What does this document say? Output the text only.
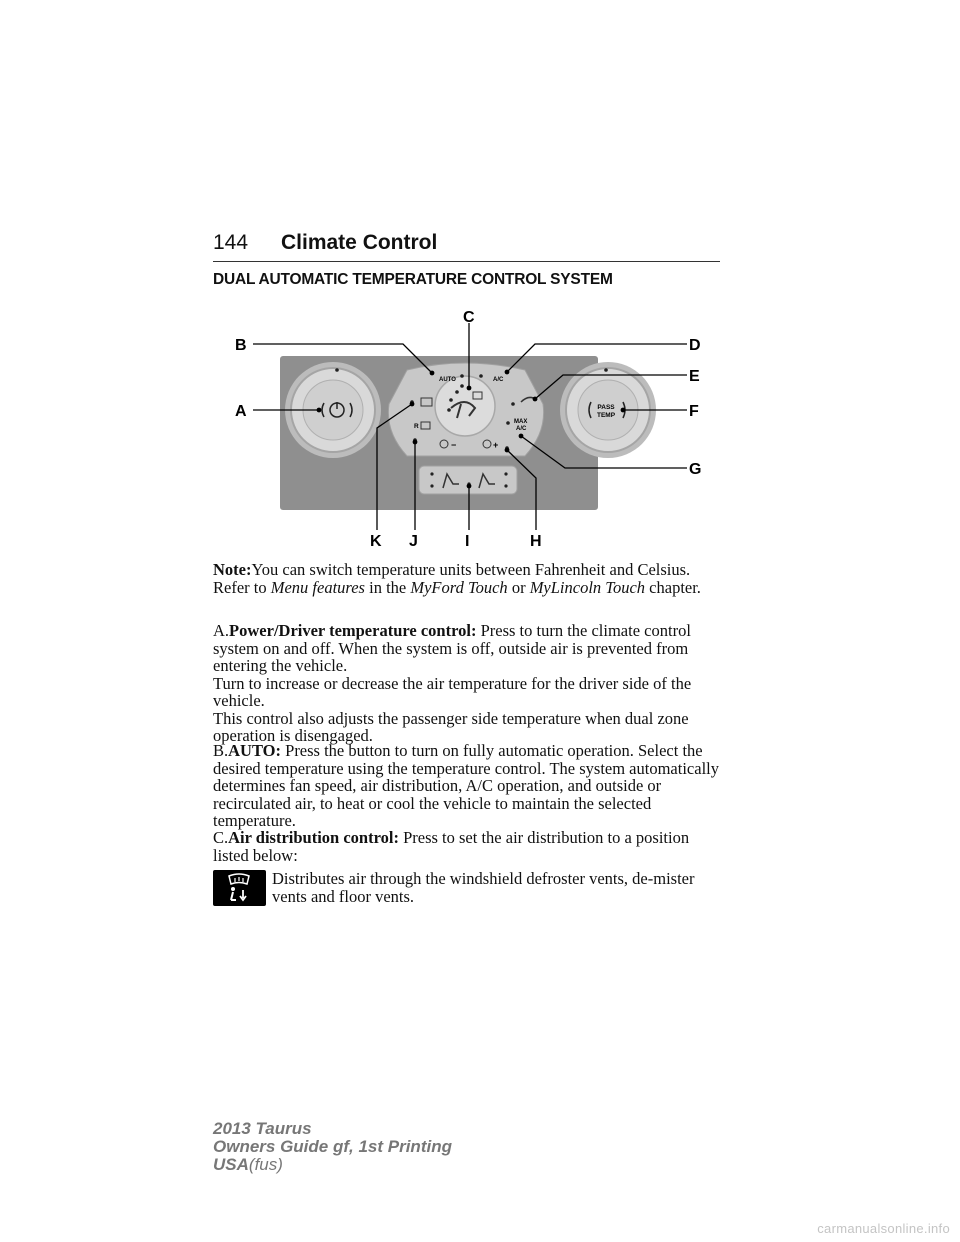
144 Climate Control
DUAL AUTOMATIC TEMPERATURE CONTROL SYSTEM
PASS
TEMP
AUTO	A/C
MAX
A/C
R
−	+
A
B
C
D
E
F
G
H
I
J
K

Note:You can switch temperature units between Fahrenheit and Celsius. Refer to Menu features in the MyFord Touch or MyLincoln Touch chapter.

A.Power/Driver temperature control: Press to turn the climate control system on and off. When the system is off, outside air is prevented from entering the vehicle.

Turn to increase or decrease the air temperature for the driver side of the vehicle.

This control also adjusts the passenger side temperature when dual zone operation is disengaged.

B.AUTO: Press the button to turn on fully automatic operation. Select the desired temperature using the temperature control. The system automatically determines fan speed, air distribution, A/C operation, and outside or recirculated air, to heat or cool the vehicle to maintain the selected temperature.

C.Air distribution control: Press to set the air distribution to a position listed below:

Distributes air through the windshield defroster vents, de-mister vents and floor vents.
2013 Taurus
Owners Guide gf, 1st Printing
USA(fus)
carmanualsonline.info
